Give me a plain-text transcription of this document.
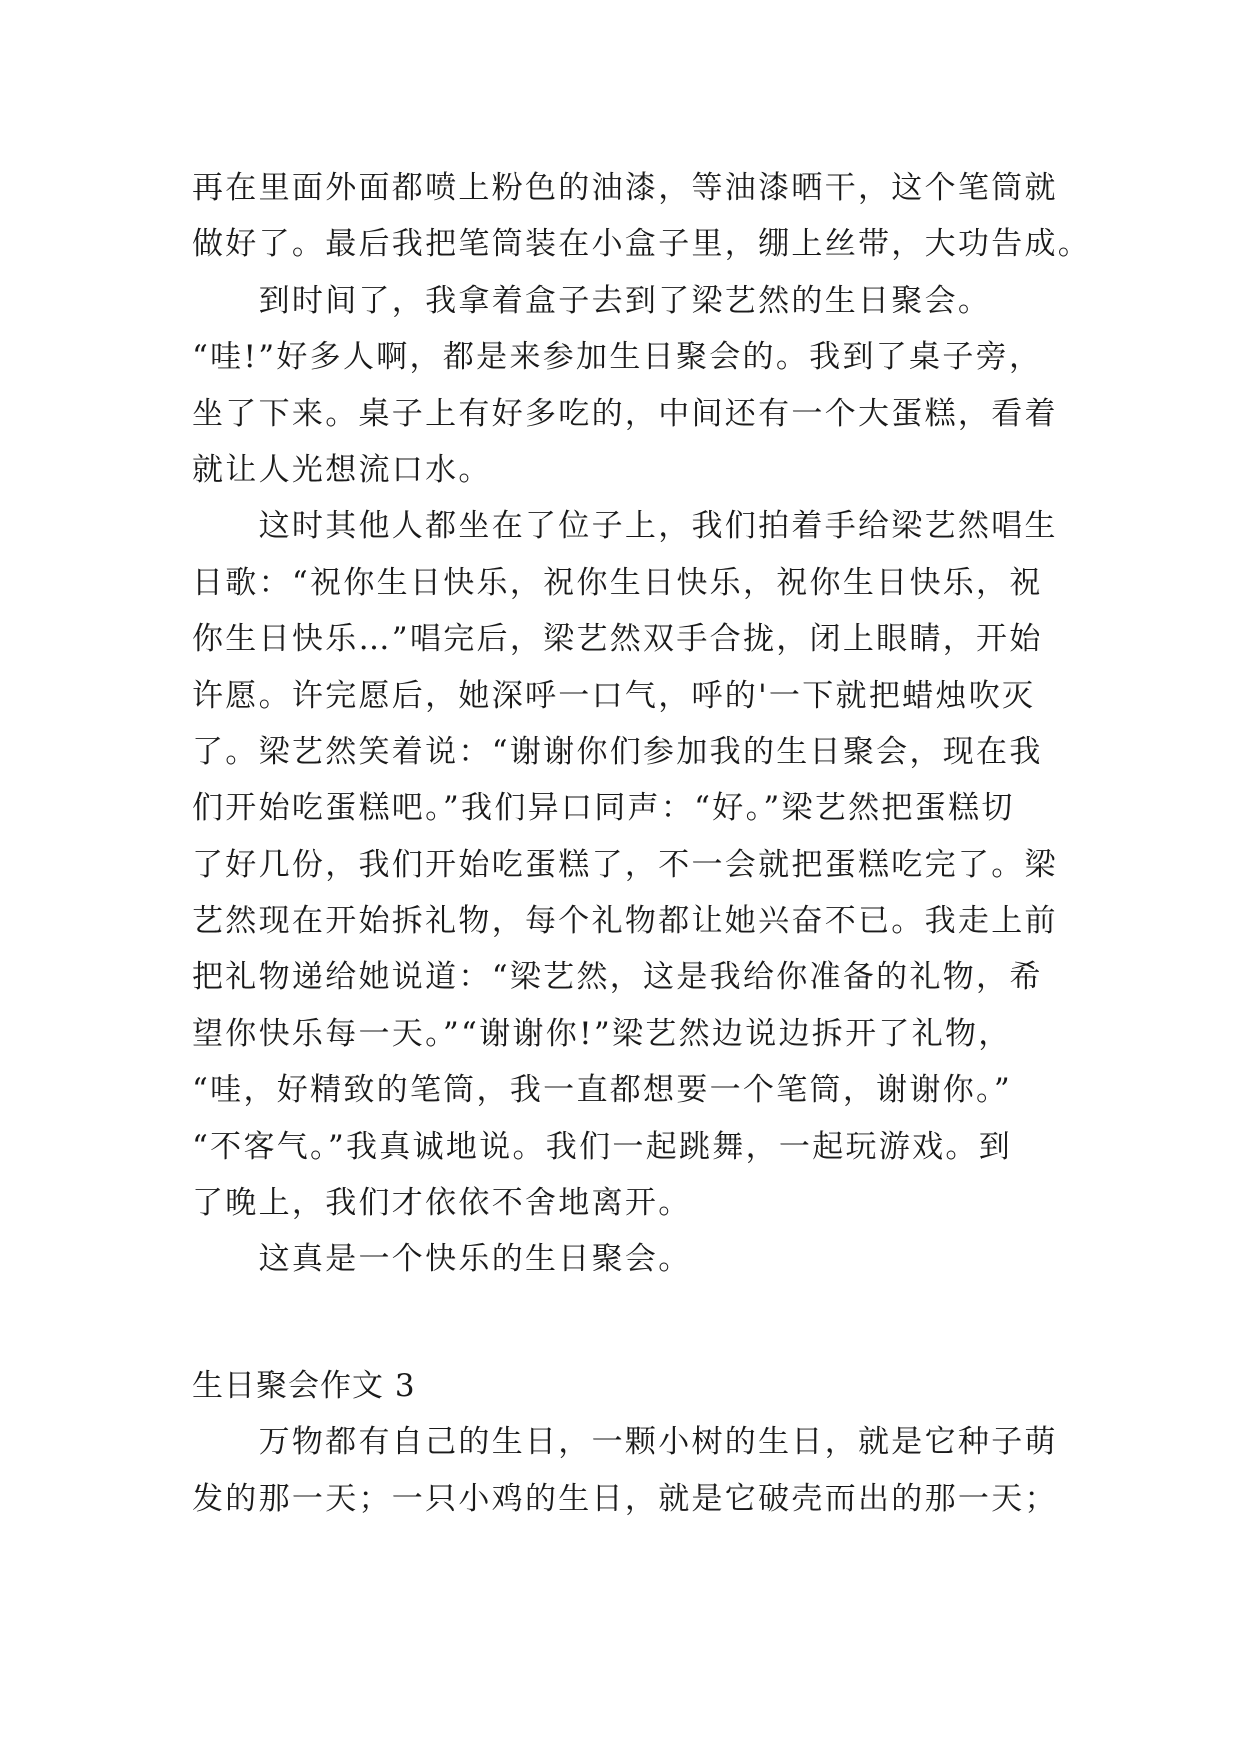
再在里面外面都喷上粉色的油漆，等油漆晒干，这个笔筒就
做好了。最后我把笔筒装在小盒子里，绷上丝带，大功告成。
　　到时间了，我拿着盒子去到了梁艺然的生日聚会。
“哇!”好多人啊，都是来参加生日聚会的。我到了桌子旁，
坐了下来。桌子上有好多吃的，中间还有一个大蛋糕，看着
就让人光想流口水。
　　这时其他人都坐在了位子上，我们拍着手给梁艺然唱生
日歌：“祝你生日快乐，祝你生日快乐，祝你生日快乐，祝
你生日快乐…”唱完后，梁艺然双手合拢，闭上眼睛，开始
许愿。许完愿后，她深呼一口气，呼的'一下就把蜡烛吹灭
了。梁艺然笑着说：“谢谢你们参加我的生日聚会，现在我
们开始吃蛋糕吧。”我们异口同声：“好。”梁艺然把蛋糕切
了好几份，我们开始吃蛋糕了，不一会就把蛋糕吃完了。梁
艺然现在开始拆礼物，每个礼物都让她兴奋不已。我走上前
把礼物递给她说道：“梁艺然，这是我给你准备的礼物，希
望你快乐每一天。”“谢谢你!”梁艺然边说边拆开了礼物，
“哇，好精致的笔筒，我一直都想要一个笔筒，谢谢你。”
“不客气。”我真诚地说。我们一起跳舞，一起玩游戏。到
了晚上，我们才依依不舍地离开。
　　这真是一个快乐的生日聚会。
生日聚会作文 3
　　万物都有自己的生日，一颗小树的生日，就是它种子萌
发的那一天；一只小鸡的生日，就是它破壳而出的那一天；
